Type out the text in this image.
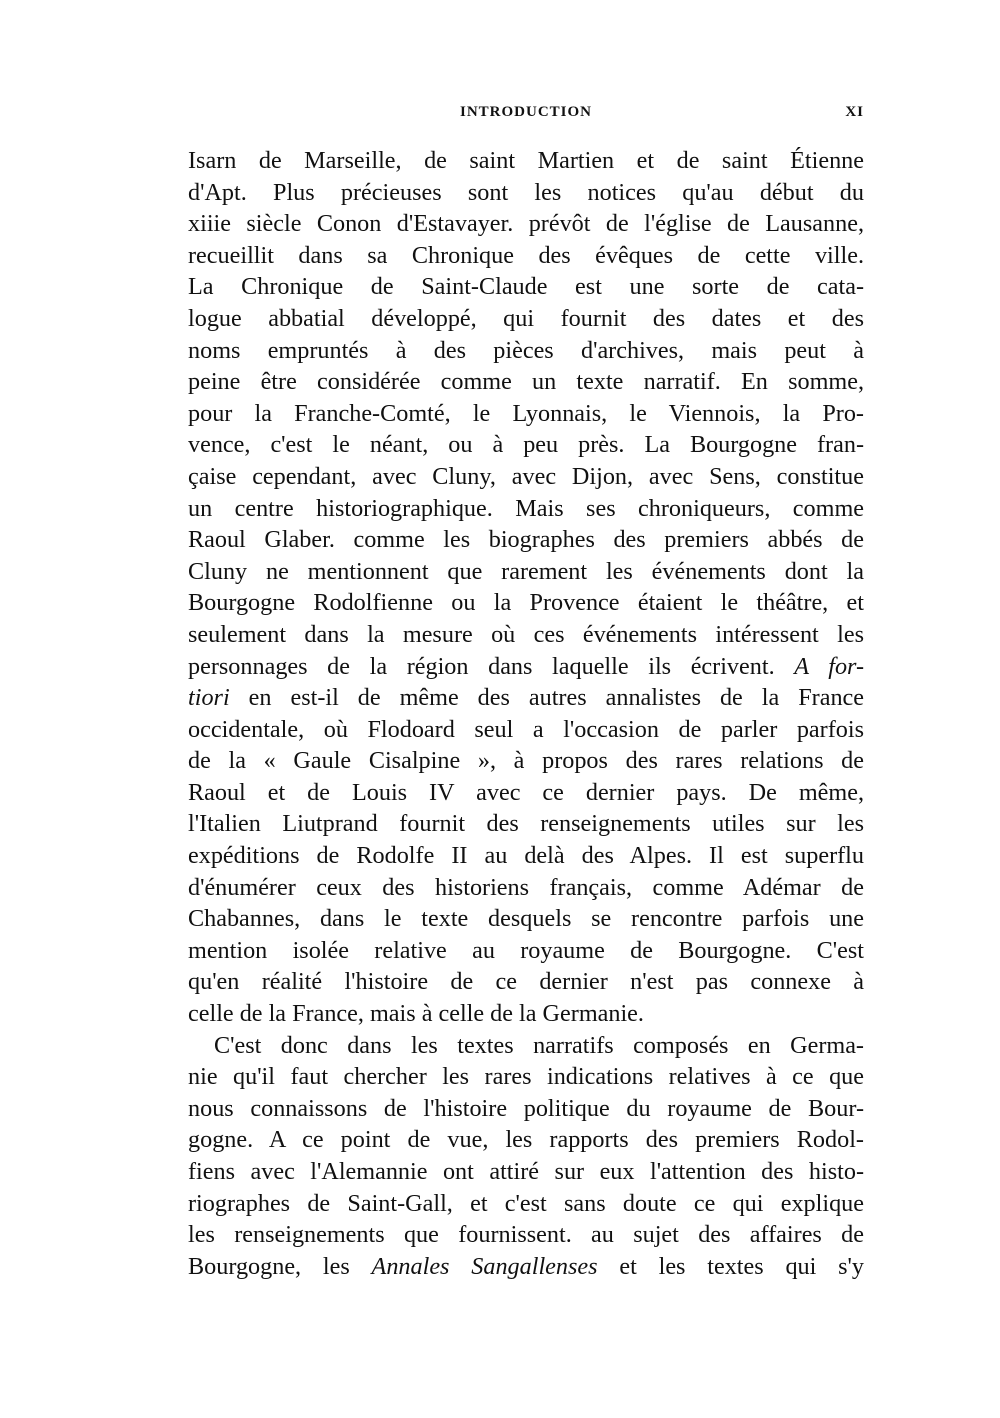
INTRODUCTION	XI
Isarn de Marseille, de saint Martien et de saint Étienne
d'Apt. Plus précieuses sont les notices qu'au début du
xiiie siècle Conon d'Estavayer. prévôt de l'église de Lausanne,
recueillit dans sa Chronique des évêques de cette ville.
La Chronique de Saint-Claude est une sorte de cata-
logue abbatial développé, qui fournit des dates et des
noms empruntés à des pièces d'archives, mais peut à
peine être considérée comme un texte narratif. En somme,
pour la Franche-Comté, le Lyonnais, le Viennois, la Pro-
vence, c'est le néant, ou à peu près. La Bourgogne fran-
çaise cependant, avec Cluny, avec Dijon, avec Sens, constitue
un centre historiographique. Mais ses chroniqueurs, comme
Raoul Glaber. comme les biographes des premiers abbés de
Cluny ne mentionnent que rarement les événements dont la
Bourgogne Rodolfienne ou la Provence étaient le théâtre, et
seulement dans la mesure où ces événements intéressent les
personnages de la région dans laquelle ils écrivent. A for-
tiori en est-il de même des autres annalistes de la France
occidentale, où Flodoard seul a l'occasion de parler parfois
de la « Gaule Cisalpine », à propos des rares relations de
Raoul et de Louis IV avec ce dernier pays. De même,
l'Italien Liutprand fournit des renseignements utiles sur les
expéditions de Rodolfe II au delà des Alpes. Il est superflu
d'énumérer ceux des historiens français, comme Adémar de
Chabannes, dans le texte desquels se rencontre parfois une
mention isolée relative au royaume de Bourgogne. C'est
qu'en réalité l'histoire de ce dernier n'est pas connexe à
celle de la France, mais à celle de la Germanie.
C'est donc dans les textes narratifs composés en Germa-
nie qu'il faut chercher les rares indications relatives à ce que
nous connaissons de l'histoire politique du royaume de Bour-
gogne. A ce point de vue, les rapports des premiers Rodol-
fiens avec l'Alemannie ont attiré sur eux l'attention des histo-
riographes de Saint-Gall, et c'est sans doute ce qui explique
les renseignements que fournissent. au sujet des affaires de
Bourgogne, les Annales Sangallenses et les textes qui s'y
